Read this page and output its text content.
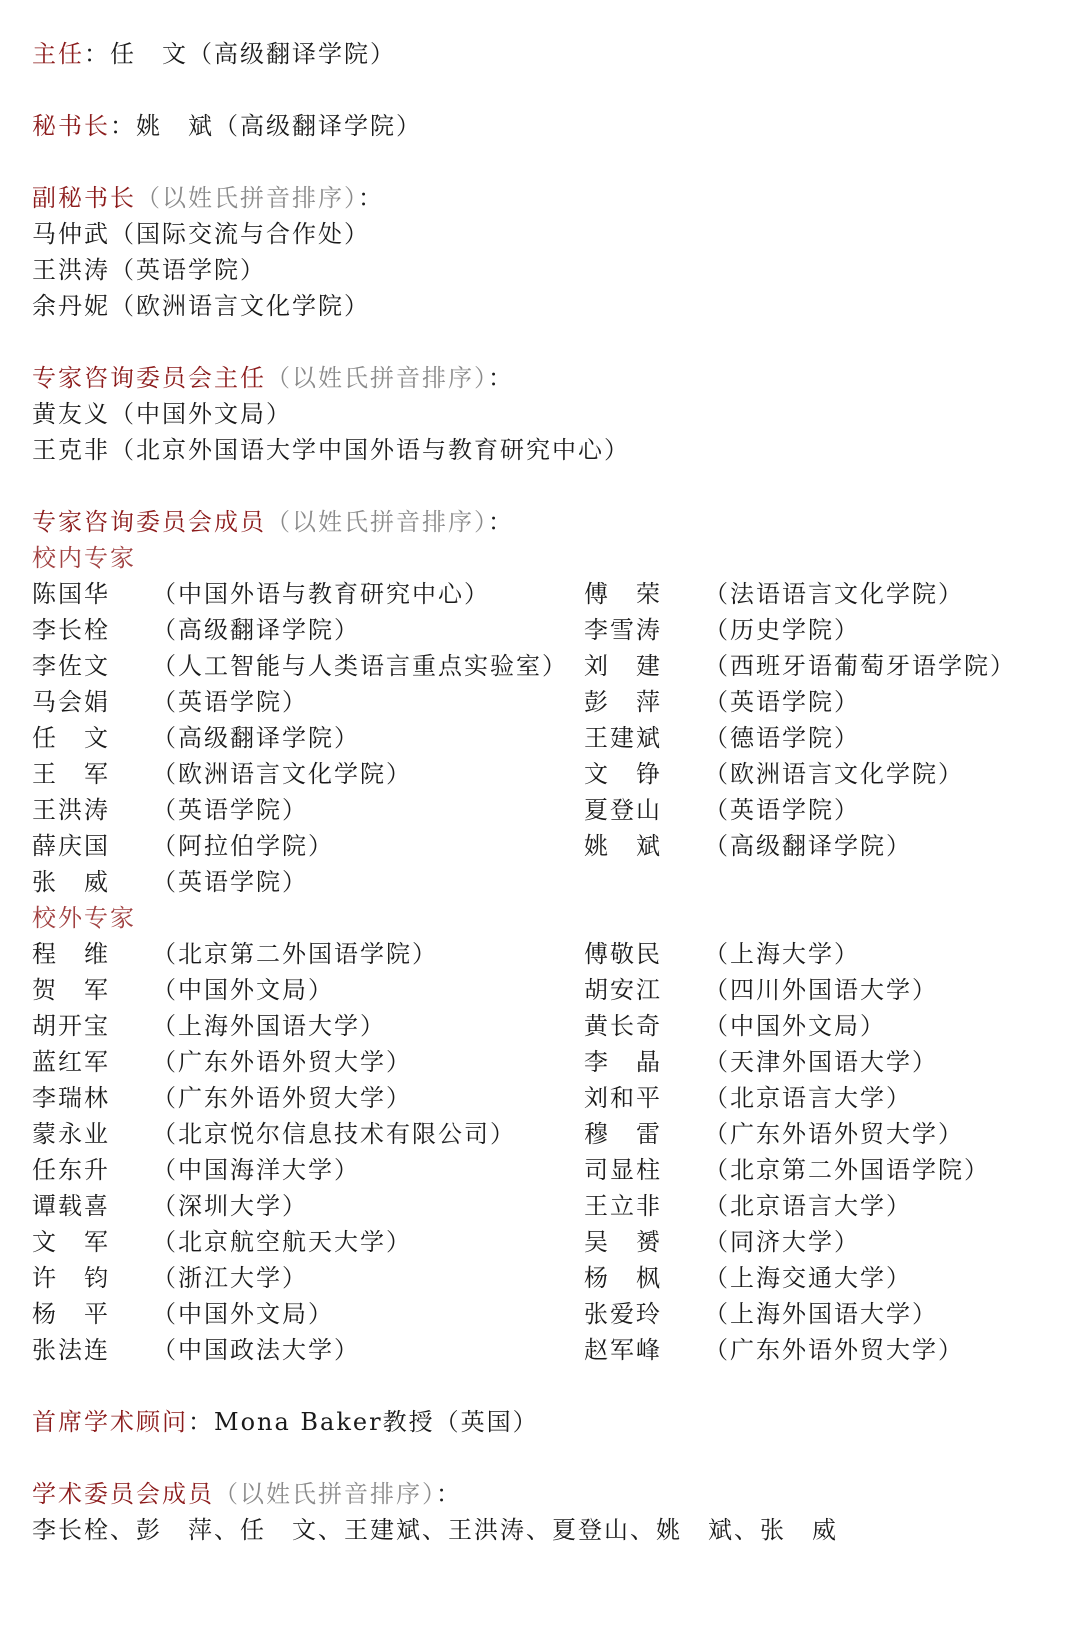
主任：任　文（高级翻译学院）
秘书长：姚　斌（高级翻译学院）
副秘书长（以姓氏拼音排序）：
马仲武（国际交流与合作处）
王洪涛（英语学院）
余丹妮（欧洲语言文化学院）
专家咨询委员会主任（以姓氏拼音排序）：
黄友义（中国外文局）
王克非（北京外国语大学中国外语与教育研究中心）
专家咨询委员会成员（以姓氏拼音排序）：
校内专家
陈国华 （中国外语与教育研究中心）	傅　荣 （法语语言文化学院）
李长栓 （高级翻译学院）	李雪涛 （历史学院）
李佐文 （人工智能与人类语言重点实验室） 刘　建 （西班牙语葡萄牙语学院）
马会娟 （英语学院）	彭　萍 （英语学院）
任　文 （高级翻译学院）	王建斌 （德语学院）
王　军 （欧洲语言文化学院）	文　铮 （欧洲语言文化学院）
王洪涛 （英语学院）	夏登山 （英语学院）
薛庆国 （阿拉伯学院）	姚　斌 （高级翻译学院）
张　威 （英语学院）
校外专家
程　维 （北京第二外国语学院）	傅敬民 （上海大学）
贺　军 （中国外文局）	胡安江 （四川外国语大学）
胡开宝 （上海外国语大学）	黄长奇 （中国外文局）
蓝红军 （广东外语外贸大学）	李　晶 （天津外国语大学）
李瑞林 （广东外语外贸大学）	刘和平 （北京语言大学）
蒙永业 （北京悦尔信息技术有限公司）	穆　雷 （广东外语外贸大学）
任东升 （中国海洋大学）	司显柱 （北京第二外国语学院）
谭载喜 （深圳大学）	王立非 （北京语言大学）
文　军 （北京航空航天大学）	吴　赟 （同济大学）
许　钧 （浙江大学）	杨　枫 （上海交通大学）
杨　平 （中国外文局）	张爱玲 （上海外国语大学）
张法连 （中国政法大学）	赵军峰 （广东外语外贸大学）
首席学术顾问：Mona Baker教授（英国）
学术委员会成员（以姓氏拼音排序）：
李长栓、彭　萍、任　文、王建斌、王洪涛、夏登山、姚　斌、张　威
